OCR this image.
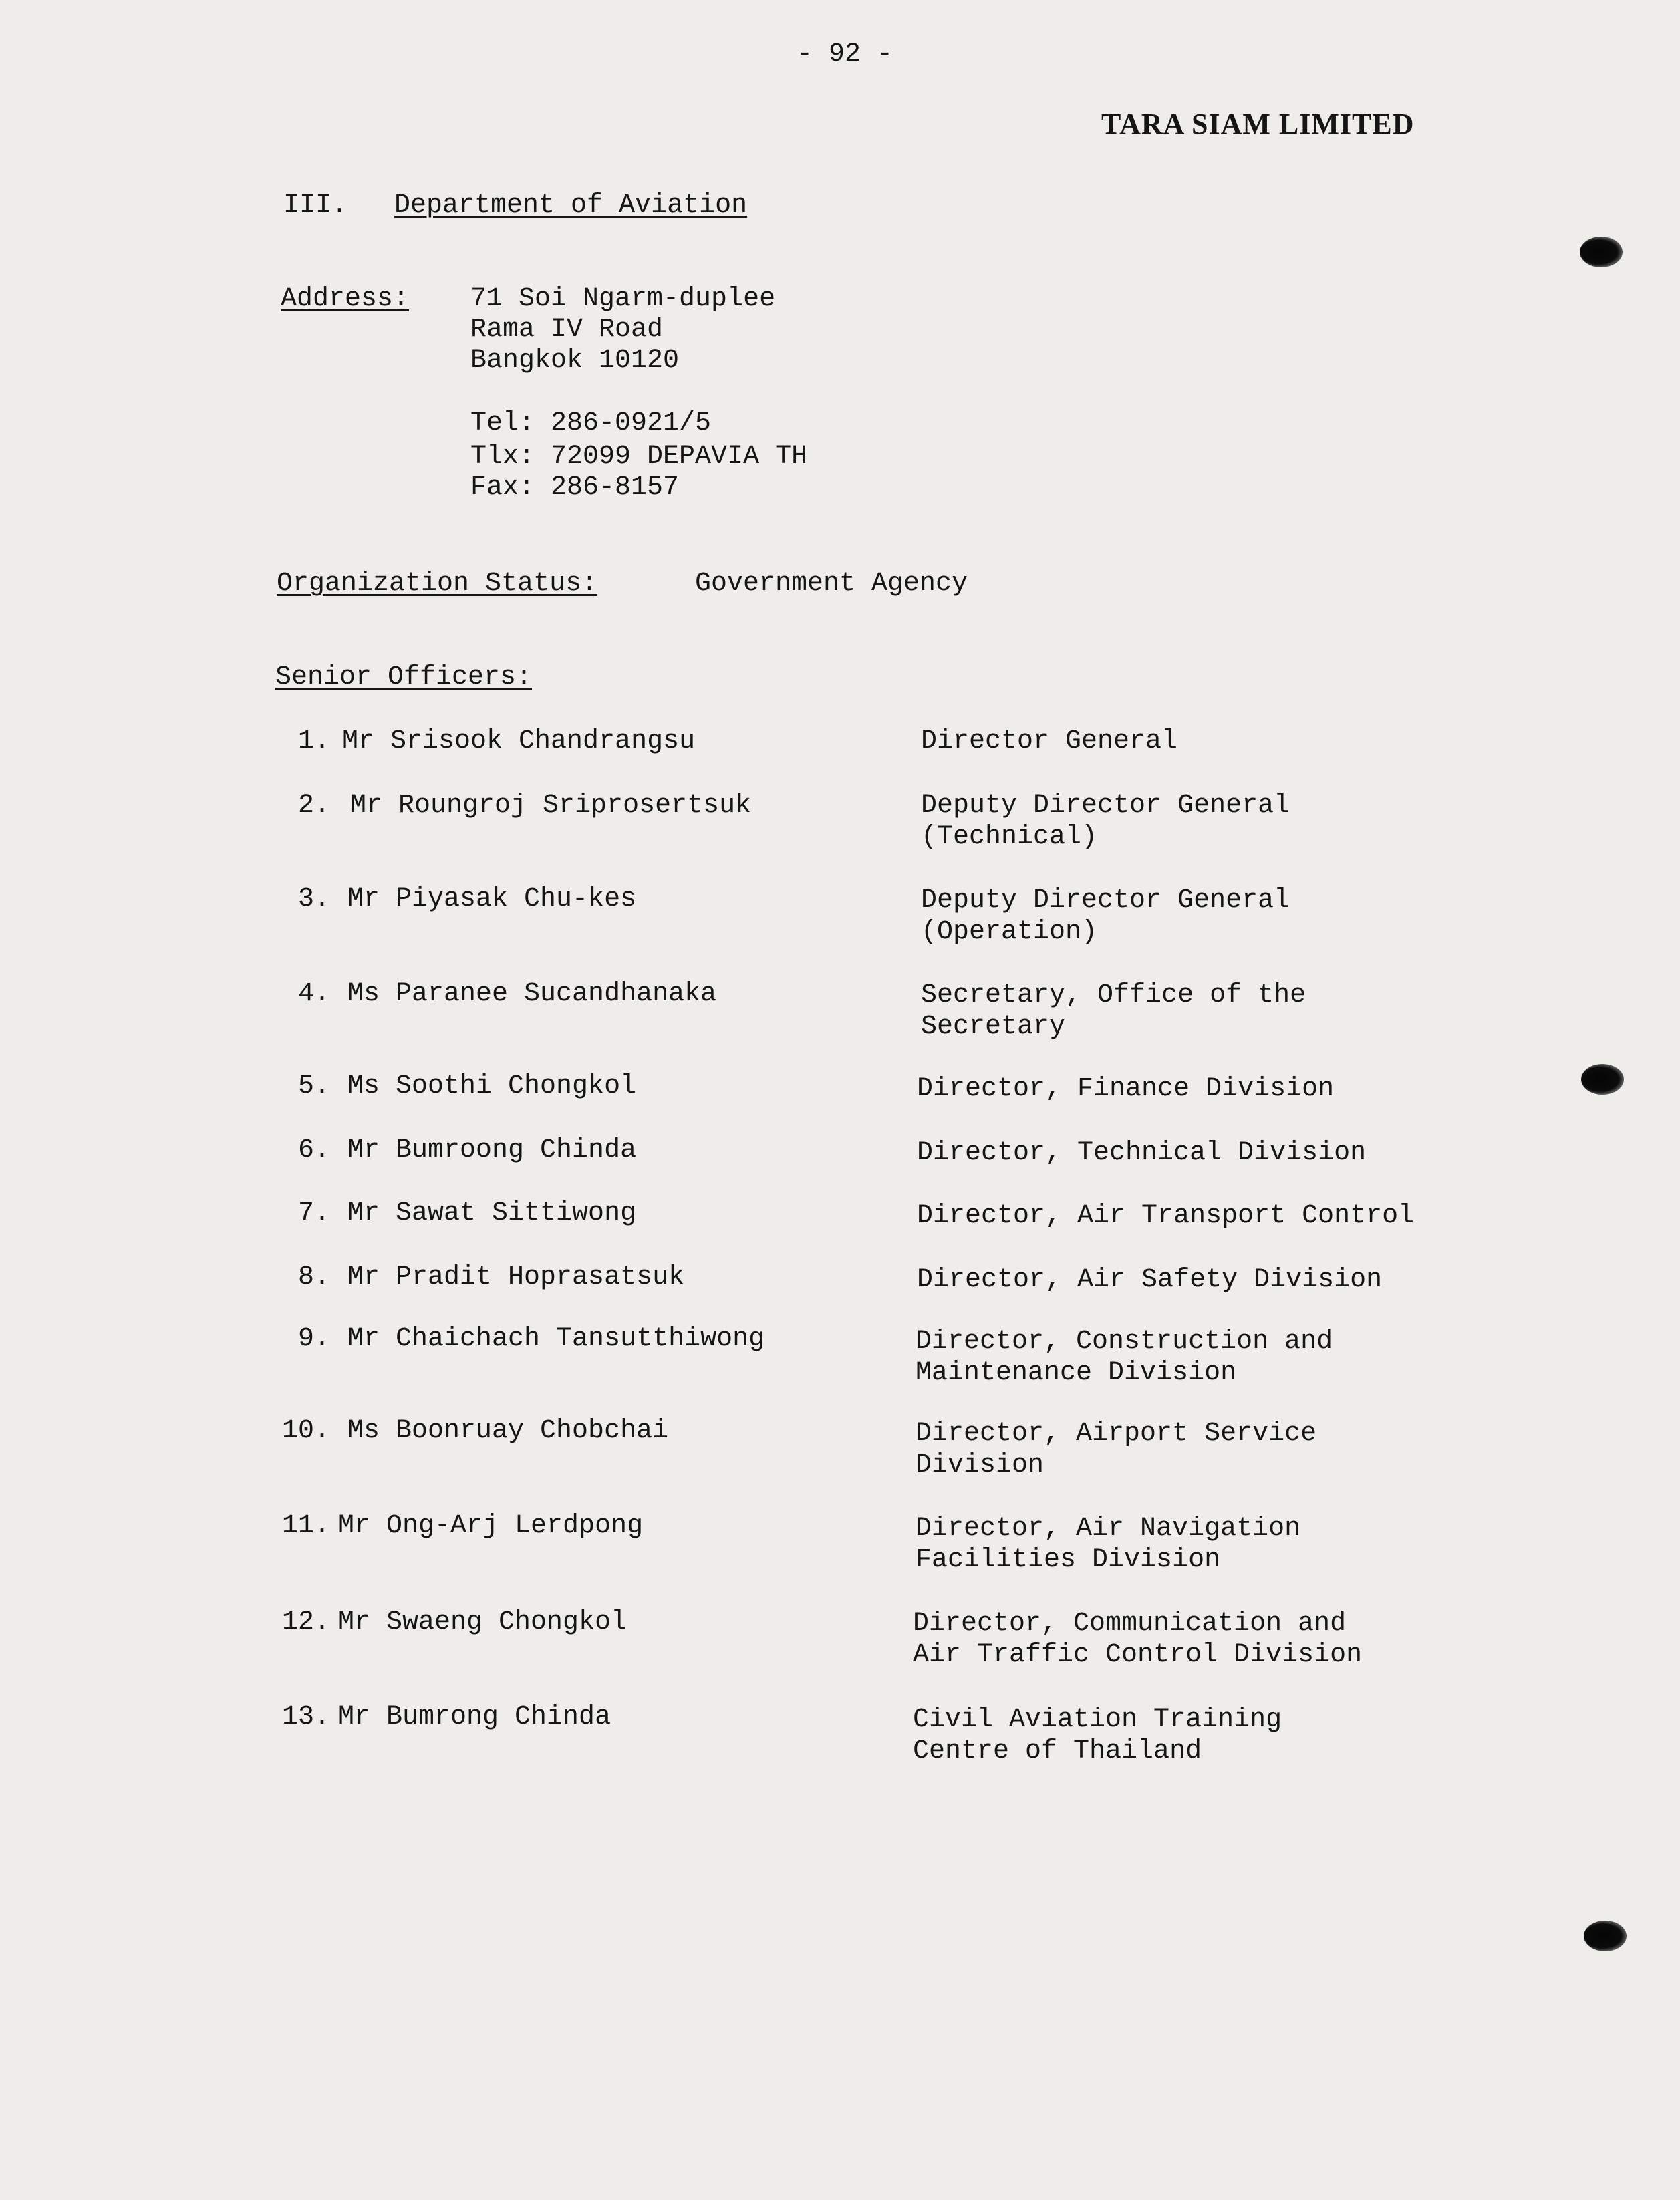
- 92 -
TARA SIAM LIMITED
III. Department of Aviation
Address: 71 Soi Ngarm-duplee
Rama IV Road
Bangkok 10120
Tel: 286-0921/5
Tlx: 72099 DEPAVIA TH
Fax: 286-8157
Organization Status:	Government Agency
Senior Officers:
1. Mr Srisook Chandrangsu	Director General
2. Mr Roungroj Sriprosertsuk	Deputy Director General
(Technical)
3. Mr Piyasak Chu-kes	Deputy Director General
(Operation)
4. Ms Paranee Sucandhanaka	Secretary, Office of the
Secretary
5. Ms Soothi Chongkol	Director, Finance Division
6. Mr Bumroong Chinda	Director, Technical Division
7. Mr Sawat Sittiwong	Director, Air Transport Control
8. Mr Pradit Hoprasatsuk	Director, Air Safety Division
9. Mr Chaichach Tansutthiwong	Director, Construction and
Maintenance Division
10. Ms Boonruay Chobchai	Director, Airport Service
Division
11. Mr Ong-Arj Lerdpong	Director, Air Navigation
Facilities Division
12. Mr Swaeng Chongkol	Director, Communication and
Air Traffic Control Division
13. Mr Bumrong Chinda	Civil Aviation Training
Centre of Thailand
